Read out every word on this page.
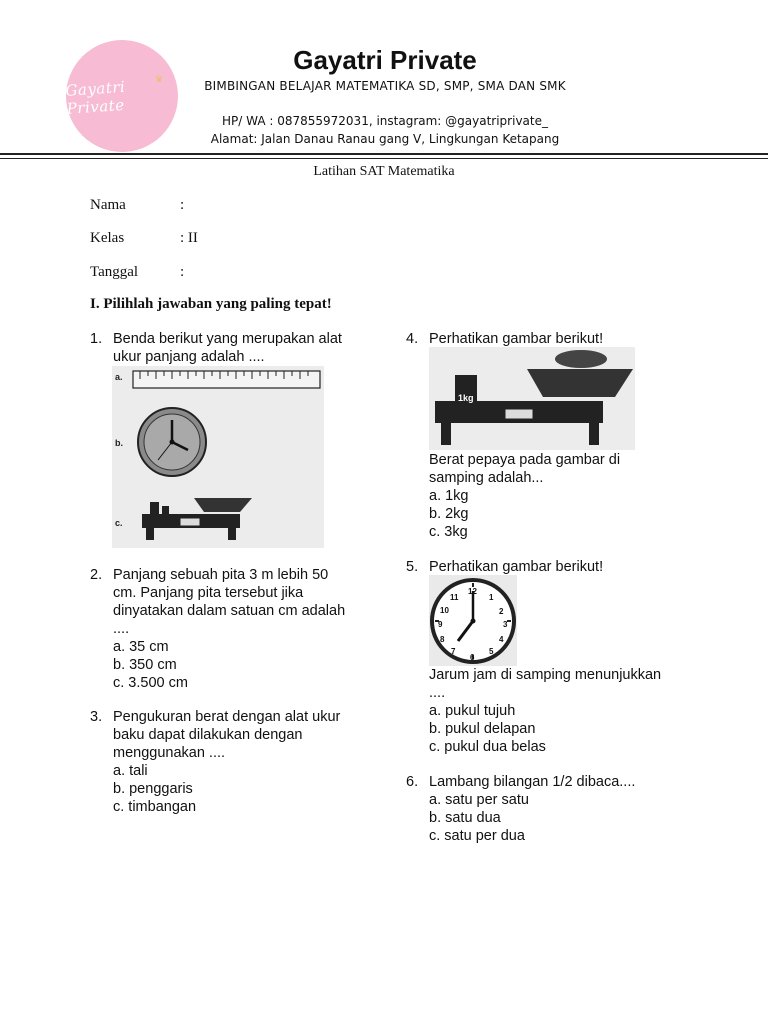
Gayatri Private
♛
Gayatri Private
BIMBINGAN BELAJAR MATEMATIKA SD, SMP, SMA DAN SMK
HP/ WA : 087855972031, instagram: @gayatriprivate_
Alamat: Jalan Danau Ranau gang V, Lingkungan Ketapang
Latihan SAT Matematika
Nama	:
Kelas	: II
Tanggal	:
I. Pilihlah jawaban yang paling tepat!
1. Benda berikut yang merupakan alat
ukur panjang adalah ....
a.
b.
c.
2. Panjang sebuah pita 3 m lebih 50
cm. Panjang pita tersebut jika
dinyatakan dalam satuan cm adalah
....
a. 35 cm
b. 350 cm
c. 3.500 cm
3. Pengukuran berat dengan alat ukur
baku dapat dilakukan dengan
menggunakan ....
a. tali
b. penggaris
c. timbangan
4. Perhatikan gambar berikut!
1kg
Berat pepaya pada gambar di
samping adalah...
a. 1kg
b. 2kg
c. 3kg
5. Perhatikan gambar berikut!
12
1
2
3
4
5
6
7
8
9
10
11
Jarum jam di samping menunjukkan
....
a. pukul tujuh
b. pukul delapan
c. pukul dua belas
6. Lambang bilangan 1/2 dibaca....
a. satu per satu
b. satu dua
c. satu per dua
